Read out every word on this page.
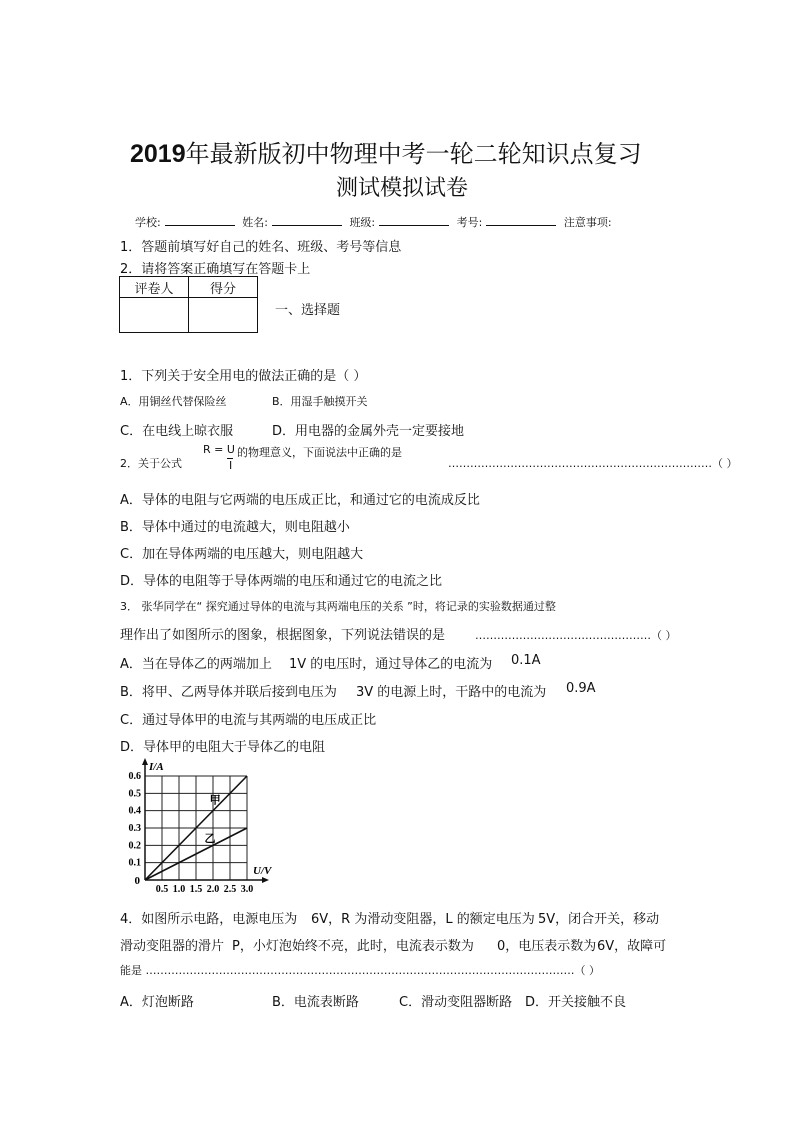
2019年最新版初中物理中考一轮二轮知识点复习
测试模拟试卷
学校:	姓名:	班级:	考号:	注意事项:
1．答题前填写好自己的姓名、班级、考号等信息
2．请将答案正确填写在答题卡上
评卷人	得分

一、选择题
1．下列关于安全用电的做法正确的是（ ）
A．用铜丝代替保险丝	B．用湿手触摸开关
C．在电线上晾衣服	D．用电器的金属外壳一定要接地
2．关于公式
R = U
I
的物理意义，下面说法中正确的是
………………………………………………………………（ ）
A．导体的电阻与它两端的电压成正比，和通过它的电流成反比
B．导体中通过的电流越大，则电阻越小
C．加在导体两端的电压越大，则电阻越大
D．导体的电阻等于导体两端的电压和通过它的电流之比
3． 张华同学在“ 探究通过导体的电流与其两端电压的关系 ”时，将记录的实验数据通过整
理作出了如图所示的图象，根据图象，下列说法错误的是	…………………………………………（ ）
A．当在导体乙的两端加上 1V 的电压时，通过导体乙的电流为 0.1A
B．将甲、乙两导体并联后接到电压为 3V 的电源上时，干路中的电流为 0.9A
C．通过导体甲的电流与其两端的电压成正比
D．导体甲的电阻大于导体乙的电阻
0.5 1.0 1.5 2.0 2.5 3.0
0.1
0.2
0.3
0.4
0.5
0.6
0
I/A
U/V
甲
乙
4．如图所示电路，电源电压为 6V，R 为滑动变阻器，L 的额定电压为 5V，闭合开关，移动
滑动变阻器的滑片 P，小灯泡始终不亮，此时，电流表示数为 0，电压表示数为 6V，故障可
能是 ………………………………………………………………………………………………………（ ）
A．灯泡断路	B．电流表断路	C．滑动变阻器断路 D．开关接触不良
